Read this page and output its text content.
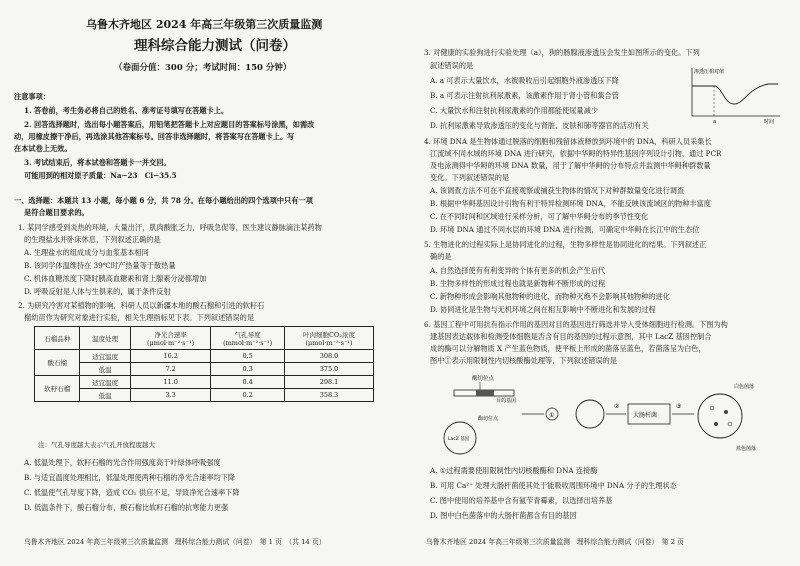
乌鲁木齐地区 2024 年高三年级第三次质量监测
理科综合能力测试（问卷）
（卷面分值：300 分；考试时间：150 分钟）
注意事项：
1. 答卷前，考生务必将自己的姓名、准考证号填写在答题卡上。
2. 回答选择题时，选出每小题答案后，用铅笔把答题卡上对应题目的答案标号涂黑，如需改
动，用橡皮擦干净后，再选涂其他答案标号。回答非选择题时，将答案写在答题卡上。写
在本试卷上无效。
3. 考试结束后，将本试卷和答题卡一并交回。
可能用到的相对原子质量：Na−23　Cl−35.5
一、选择题：本题共 13 小题，每小题 6 分，共 78 分。在每小题给出的四个选项中只有一项
是符合题目要求的。
1. 某同学感受到炎热的环境，大量出汗，肌肉酸胀乏力，呼吸急促等，医生建议静脉滴注某药物
的生理盐水并卧床休息，下列叙述正确的是
A. 生理盐水的组成成分与血浆基本相同
B. 该同学体温维持在 39℃时产热量等于散热量
C. 机体血糖浓度下降时胰高血糖素和肾上腺素分泌都增加
D. 呼吸反射是人体与生俱来的，属于条件反射
2. 为研究冷害对某植物的影响，科研人员以新疆本地的酸石榴和引进的软籽石
榴幼苗作为研究对象进行实验，相关生理指标见下表。下列叙述错误的是
石榴品种	温度处理	净光合速率(μmol·m⁻²·s⁻¹)	气孔导度(mmol·m⁻²·s⁻¹)	叶肉细胞CO₂浓度(μmol·m⁻²·s⁻¹)
酸石榴	适宜温度	16.2	0.5	308.0
	低温	7.2	0.3	375.0
软籽石榴	适宜温度	11.0	0.4	298.1
	低温	3.3	0.2	358.3
注：气孔导度越大表示气孔开放程度越大
A. 低温处理下，软籽石榴的光合作用强度高于叶绿体呼吸强度
B. 与适宜温度处理相比，低温处理使两种石榴的净光合速率均下降
C. 低温使气孔导度下降，造成 CO₂ 供应不足，导致净光合速率下降
D. 低温条件下，酸石榴分布，酸石榴比软籽石榴的抗寒能力更强
乌鲁木齐地区 2024 年高三年级第三次质量监测　理科综合能力测试（问卷）　第 1 页　（共 14 页）
3. 对健康的实验狗进行实验处理（a），狗的肠腺液渗透压会发生如图所示的变化。下列
叙述错误的是
A. a 可表示大量饮水，水被吸收后引起细胞外液渗透压下降
B. a 可表示注射抗利尿激素，该激素作用于肾小管和集合管
C. 大量饮水和注射抗利尿激素的作用都能使尿量减少
D. 抗利尿激素导致渗透压的变化与肾脏、皮肤和肺等器官的活动有关	a
渗透压相对值
时间
4. 环境 DNA 是生物体通过脱落的细胞和残留体液释放到环境中的 DNA，科研人员采集长
江流域不同水域的环境 DNA 进行研究，依据中华鲟的特异性基因序列设计引物，通过 PCR
及电泳测得中华鲟的环境 DNA 数量，用于了解中华鲟的分布特点并监测中华鲟种群数量
变化。下列叙述错误的是
A. 该调查方法不可在不直接观察或捕获生物体的情况下对种群数量变化进行调查
B. 根据中华鲟基因设计引物有利于特异检测环境 DNA，不能反映该流域区的物种丰富度
C. 在不同时间和区域进行采样分析，可了解中华鲟分布的季节性变化
D. 环境 DNA 通过不同水层的环境 DNA 进行检测，可确定中华鲟在长江中的生态位
5. 生物进化的过程实际上是协同进化的过程，生物多样性是协同进化的结果。下列叙述正
确的是
A. 自然选择使有有利变异的个体有更多的机会产生后代
B. 生物多样性的形成过程也就是新物种不断形成的过程
C. 新物种形成会影响其他物种的进化，而物种灭绝不会影响其他物种的进化
D. 协同进化是生物与无机环境之间在相互影响中不断进化和发展的过程
6. 基因工程中可用抗有指示作用的基因对目的基因进行筛选并导入受体细胞进行检测。下图为构
建基因表达载体和检测受体细胞是否含有目的基因的过程示意图，其中 LacZ 基因控制合
成的酶可以分解物质 X 产生蓝色物质，使平板上形成的菌落呈蓝色，若菌落呈为白色，
图中①表示用限制性内切核酸酶处理等，下列叙述错误的是
酶切位点
目的基因
酶切位点
LacZ 基因
①
②
大肠杆菌
③
白色菌落
蓝色菌落
A. ①过程需要使用限制性内切核酸酶和 DNA 连接酶
B. 可用 Ca²⁺ 处理大肠杆菌使其处于能吸收周围环境中 DNA 分子的生理状态
C. 图中使用的培养基中含有氨苄青霉素，以选择出培养基
D. 图中白色菌落中的大肠杆菌都含有目的基因
乌鲁木齐地区 2024 年高三年级第三次质量监测　理科综合能力测试（问卷）　第 2 页
